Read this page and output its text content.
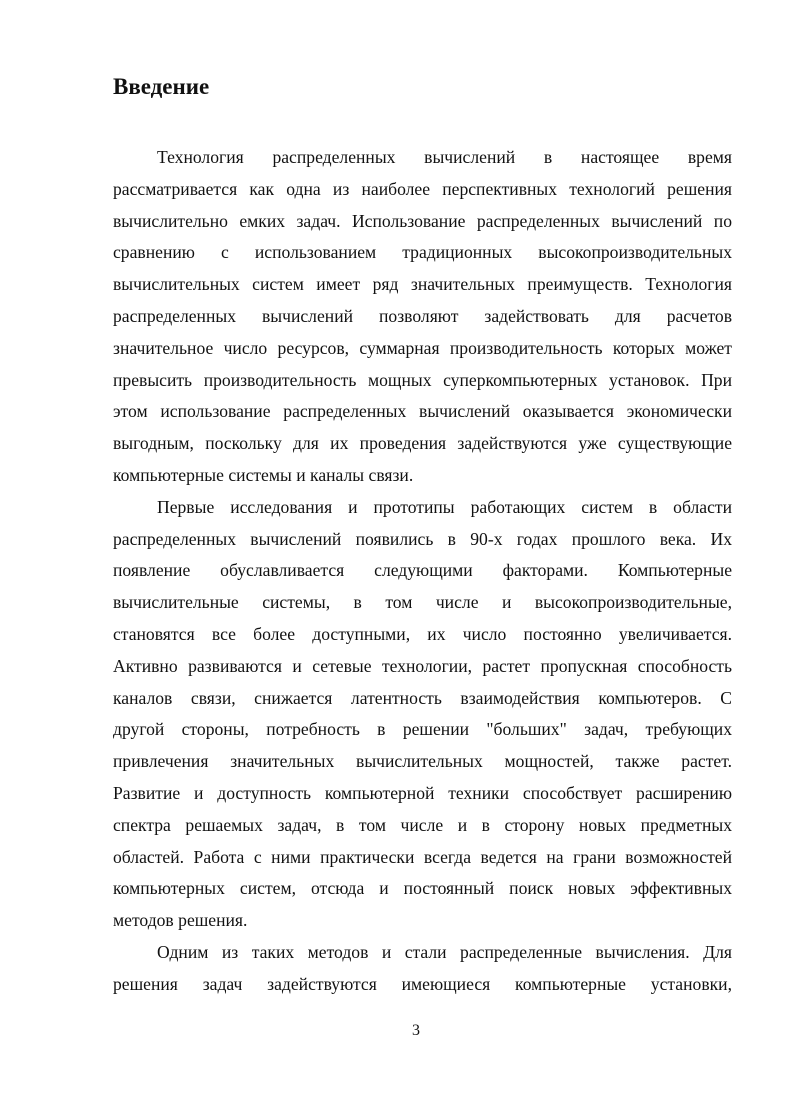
Введение
Технология распределенных вычислений в настоящее время
рассматривается как одна из наиболее перспективных технологий решения
вычислительно емких задач. Использование распределенных вычислений по
сравнению с использованием традиционных высокопроизводительных
вычислительных систем имеет ряд значительных преимуществ. Технология
распределенных вычислений позволяют задействовать для расчетов
значительное число ресурсов, суммарная производительность которых может
превысить производительность мощных суперкомпьютерных установок. При
этом использование распределенных вычислений оказывается экономически
выгодным, поскольку для их проведения задействуются уже существующие
компьютерные системы и каналы связи.
Первые исследования и прототипы работающих систем в области
распределенных вычислений появились в 90-х годах прошлого века. Их
появление обуславливается следующими факторами. Компьютерные
вычислительные системы, в том числе и высокопроизводительные,
становятся все более доступными, их число постоянно увеличивается.
Активно развиваются и сетевые технологии, растет пропускная способность
каналов связи, снижается латентность взаимодействия компьютеров. С
другой стороны, потребность в решении "больших" задач, требующих
привлечения значительных вычислительных мощностей, также растет.
Развитие и доступность компьютерной техники способствует расширению
спектра решаемых задач, в том числе и в сторону новых предметных
областей. Работа с ними практически всегда ведется на грани возможностей
компьютерных систем, отсюда и постоянный поиск новых эффективных
методов решения.
Одним из таких методов и стали распределенные вычисления. Для
решения задач задействуются имеющиеся компьютерные установки,
3
